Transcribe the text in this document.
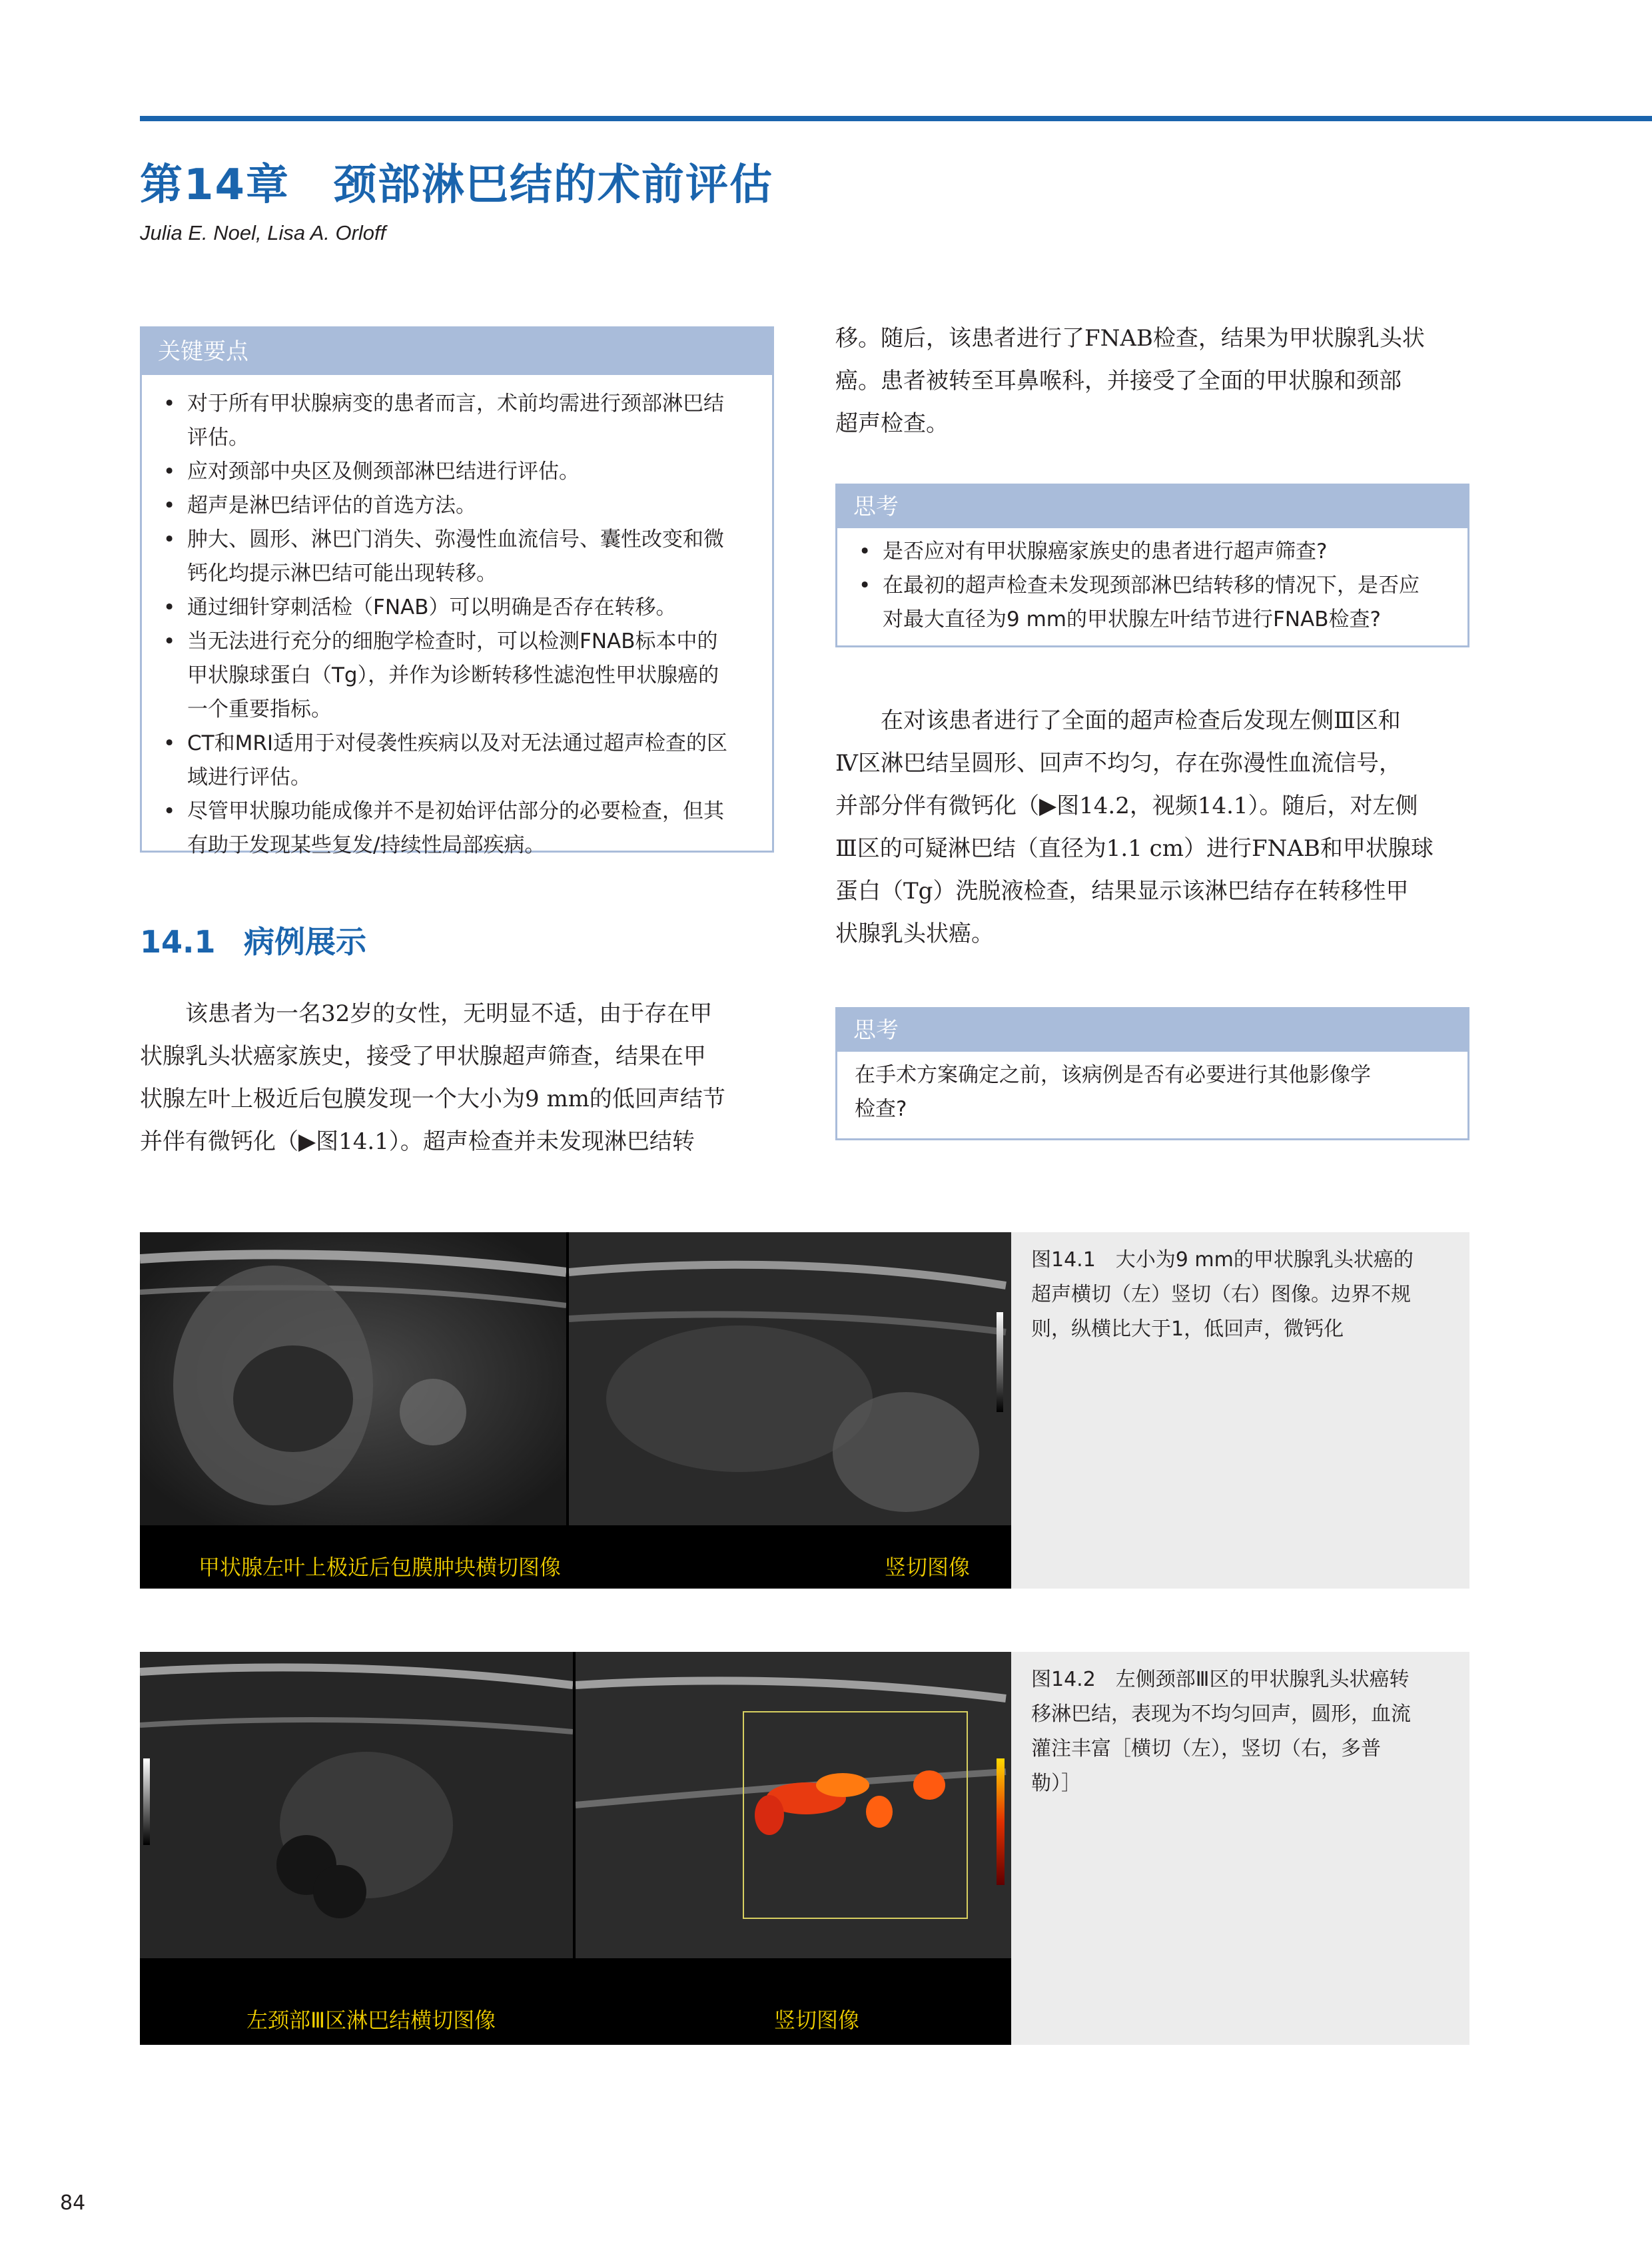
第14章　颈部淋巴结的术前评估
Julia E. Noel, Lisa A. Orloff
关键要点
• 对于所有甲状腺病变的患者而言，术前均需进行颈部淋巴结
评估。
• 应对颈部中央区及侧颈部淋巴结进行评估。
• 超声是淋巴结评估的首选方法。
• 肿大、圆形、淋巴门消失、弥漫性血流信号、囊性改变和微
钙化均提示淋巴结可能出现转移。
• 通过细针穿刺活检（FNAB）可以明确是否存在转移。
• 当无法进行充分的细胞学检查时，可以检测FNAB标本中的
甲状腺球蛋白（Tg），并作为诊断转移性滤泡性甲状腺癌的
一个重要指标。
• CT和MRI适用于对侵袭性疾病以及对无法通过超声检查的区
域进行评估。
• 尽管甲状腺功能成像并不是初始评估部分的必要检查，但其
有助于发现某些复发/持续性局部疾病。
14.1 病例展示
该患者为一名32岁的女性，无明显不适，由于存在甲
状腺乳头状癌家族史，接受了甲状腺超声筛查，结果在甲
状腺左叶上极近后包膜发现一个大小为9 mm的低回声结节
并伴有微钙化（▶图14.1）。超声检查并未发现淋巴结转
移。随后，该患者进行了FNAB检查，结果为甲状腺乳头状
癌。患者被转至耳鼻喉科，并接受了全面的甲状腺和颈部
超声检查。
思考
• 是否应对有甲状腺癌家族史的患者进行超声筛查?
• 在最初的超声检查未发现颈部淋巴结转移的情况下，是否应
对最大直径为9 mm的甲状腺左叶结节进行FNAB检查?
在对该患者进行了全面的超声检查后发现左侧Ⅲ区和
Ⅳ区淋巴结呈圆形、回声不均匀，存在弥漫性血流信号，
并部分伴有微钙化（▶图14.2，视频14.1）。随后，对左侧
Ⅲ区的可疑淋巴结（直径为1.1 cm）进行FNAB和甲状腺球
蛋白（Tg）洗脱液检查，结果显示该淋巴结存在转移性甲
状腺乳头状癌。
思考
在手术方案确定之前，该病例是否有必要进行其他影像学
检查?
甲状腺左叶上极近后包膜肿块横切图像	竖切图像
图14.1　大小为9 mm的甲状腺乳头状癌的
超声横切（左）竖切（右）图像。边界不规
则，纵横比大于1，低回声，微钙化
左颈部Ⅲ区淋巴结横切图像	竖切图像
图14.2　左侧颈部Ⅲ区的甲状腺乳头状癌转
移淋巴结，表现为不均匀回声，圆形，血流
灌注丰富［横切（左），竖切（右，多普
勒）］
84
